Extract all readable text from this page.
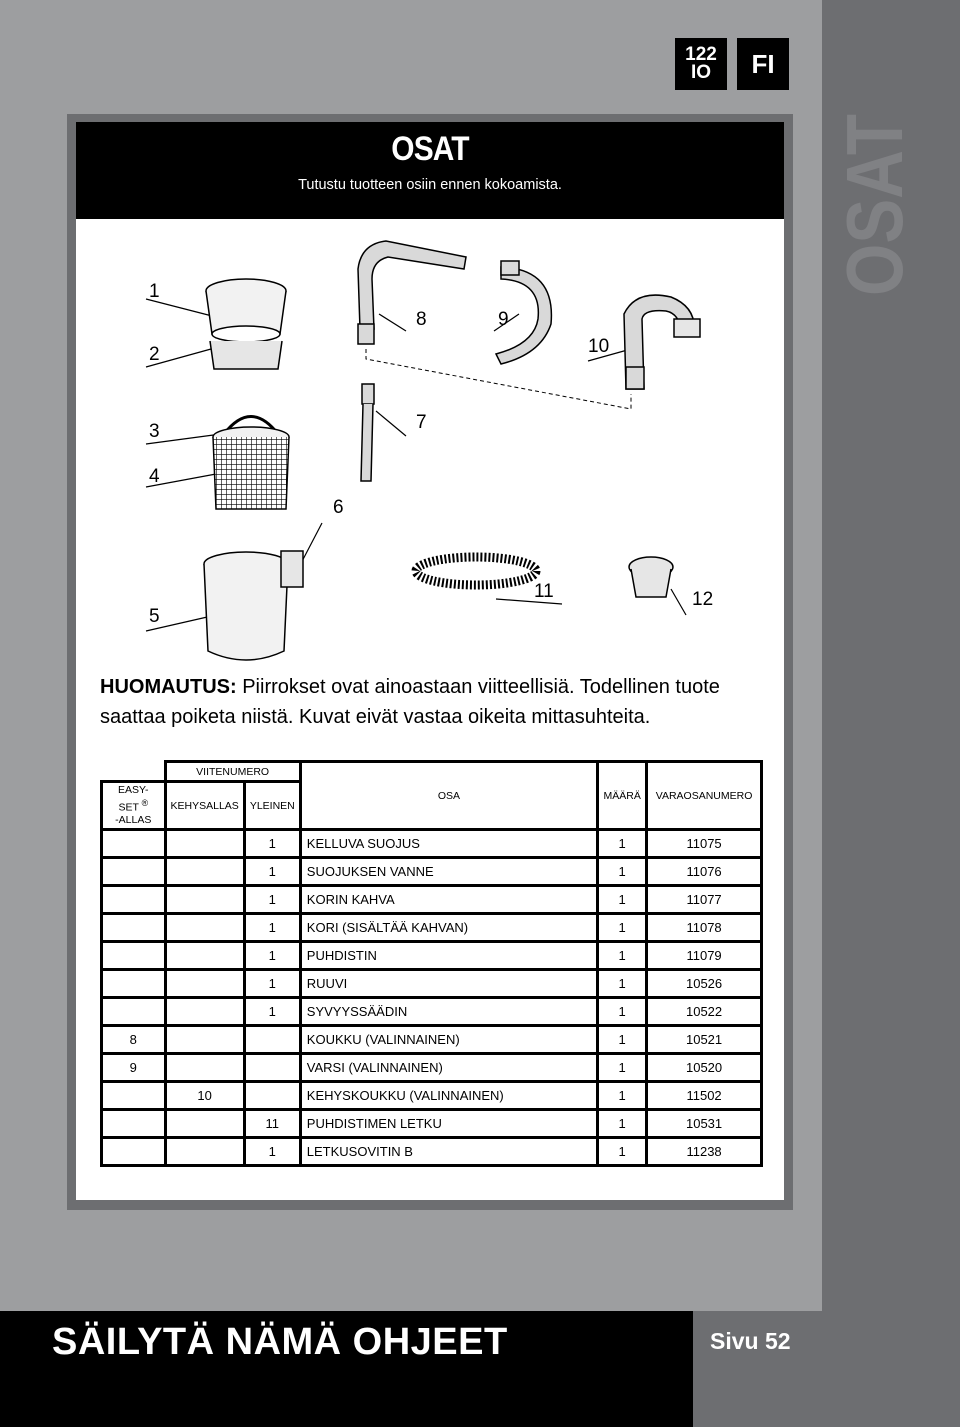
OSAT
122
IO	FI
OSAT
Tutustu tuotteen osiin ennen kokoamista.
1
2
3
4
5
6
7
8	9
10
11	12
HUOMAUTUS: Piirrokset ovat ainoastaan viitteellisiä. Todellinen tuote saattaa poiketa niistä. Kuvat eivät vastaa oikeita mittasuhteita.
	VIITENUMERO		OSA	MÄÄRÄ	VARAOSANUMERO
EASY-
SET ®
-ALLAS	KEHYSALLAS	YLEINEN			
		1	KELLUVA SUOJUS	1	11075
		1	SUOJUKSEN VANNE	1	11076
		1	KORIN KAHVA	1	11077
		1	KORI (SISÄLTÄÄ KAHVAN)	1	11078
		1	PUHDISTIN	1	11079
		1	RUUVI	1	10526
		1	SYVYYSSÄÄDIN	1	10522
8			KOUKKU (VALINNAINEN)	1	10521
9			VARSI (VALINNAINEN)	1	10520
	10		KEHYSKOUKKU (VALINNAINEN)	1	11502
		11	PUHDISTIMEN LETKU	1	10531
		1	LETKUSOVITIN B	1	11238
SÄILYTÄ NÄMÄ OHJEET	Sivu 52
